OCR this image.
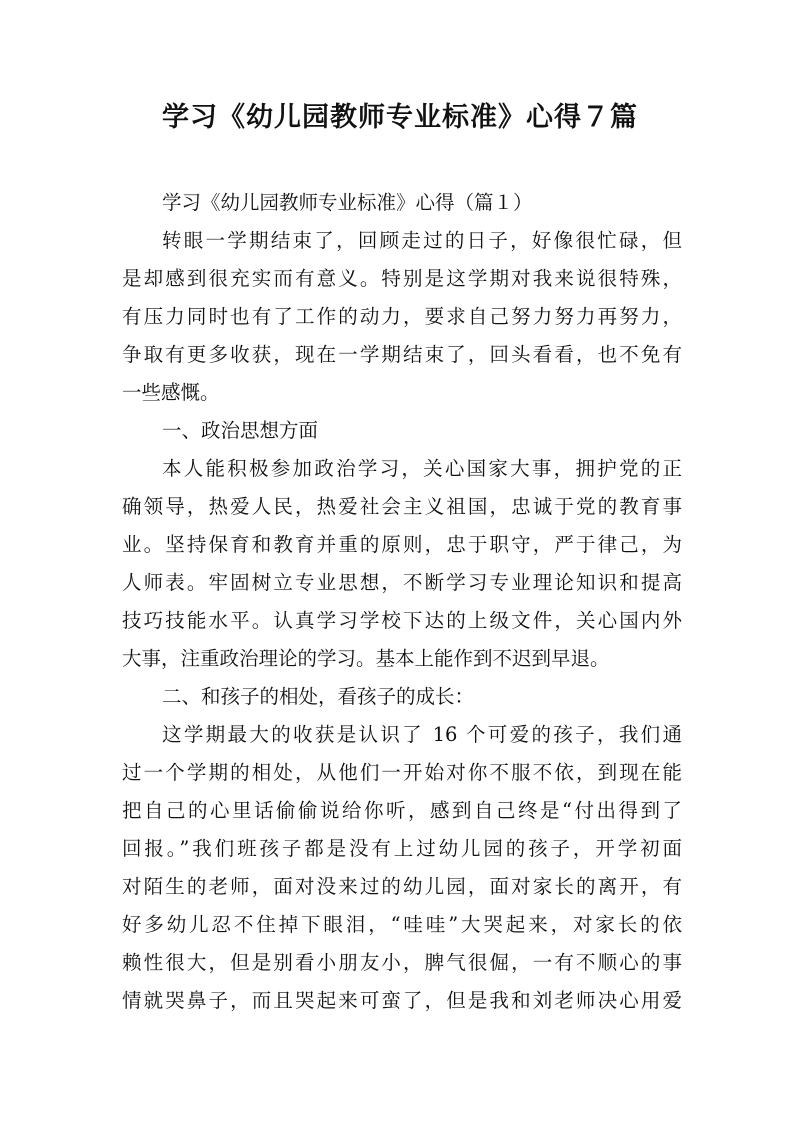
学习《幼儿园教师专业标准》心得７篇
学习《幼儿园教师专业标准》心得（篇１）
转眼一学期结束了，回顾走过的日子，好像很忙碌，但
是却感到很充实而有意义。特别是这学期对我来说很特殊，
有压力同时也有了工作的动力，要求自己努力努力再努力，
争取有更多收获，现在一学期结束了，回头看看，也不免有
一些感慨。
一、政治思想方面
本人能积极参加政治学习，关心国家大事，拥护党的正
确领导，热爱人民，热爱社会主义祖国，忠诚于党的教育事
业。坚持保育和教育并重的原则，忠于职守，严于律己，为
人师表。牢固树立专业思想，不断学习专业理论知识和提高
技巧技能水平。认真学习学校下达的上级文件，关心国内外
大事，注重政治理论的学习。基本上能作到不迟到早退。
二、和孩子的相处，看孩子的成长：
这学期最大的收获是认识了 16 个可爱的孩子，我们通
过一个学期的相处，从他们一开始对你不服不依，到现在能
把自己的心里话偷偷说给你听，感到自己终是“付出得到了
回报。”我们班孩子都是没有上过幼儿园的孩子，开学初面
对陌生的老师，面对没来过的幼儿园，面对家长的离开，有
好多幼儿忍不住掉下眼泪，“哇哇”大哭起来，对家长的依
赖性很大，但是别看小朋友小，脾气很倔，一有不顺心的事
情就哭鼻子，而且哭起来可蛮了，但是我和刘老师决心用爱
